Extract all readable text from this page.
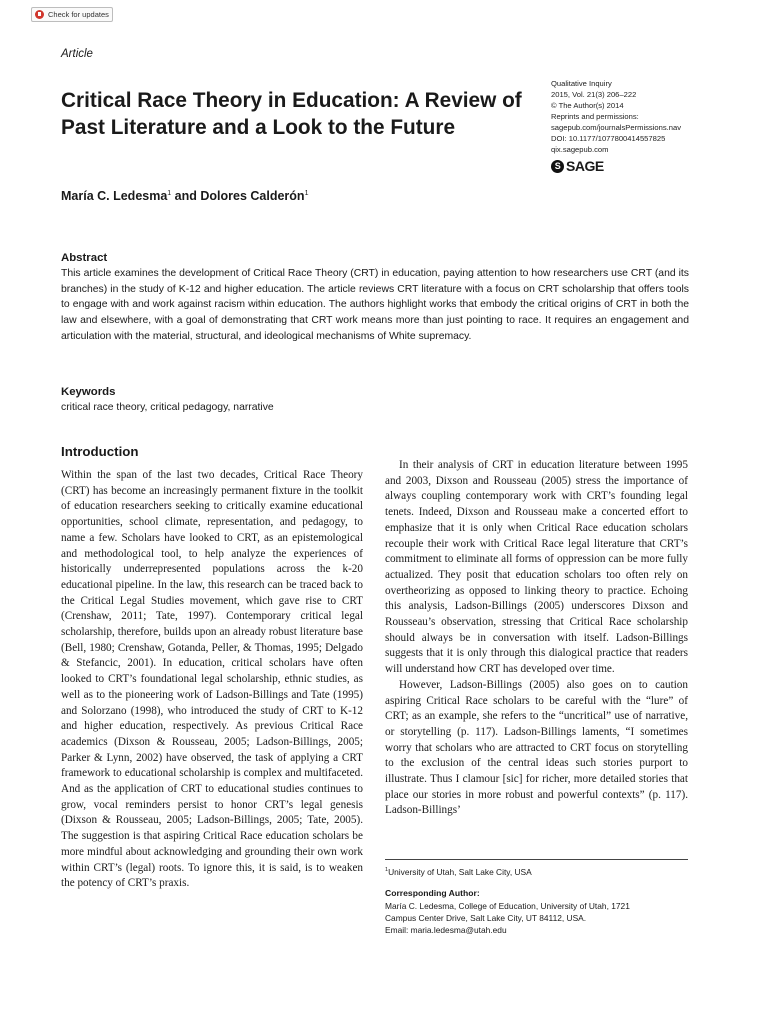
Check for updates
Article
Critical Race Theory in Education: A Review of Past Literature and a Look to the Future
Qualitative Inquiry
2015, Vol. 21(3) 206–222
© The Author(s) 2014
Reprints and permissions:
sagepub.com/journalsPermissions.nav
DOI: 10.1177/1077800414557825
qix.sagepub.com
S SAGE
María C. Ledesma$^1$ and Dolores Calderón$^1$
Abstract

This article examines the development of Critical Race Theory (CRT) in education, paying attention to how researchers use CRT (and its branches) in the study of K-12 and higher education. The article reviews CRT literature with a focus on CRT scholarship that offers tools to engage with and work against racism within education. The authors highlight works that embody the critical origins of CRT in both the law and elsewhere, with a goal of demonstrating that CRT work means more than just pointing to race. It requires an engagement and articulation with the material, structural, and ideological mechanisms of White supremacy.

Keywords
critical race theory, critical pedagogy, narrative
Introduction

Within the span of the last two decades, Critical Race Theory (CRT) has become an increasingly permanent fixture in the toolkit of education researchers seeking to critically examine educational opportunities, school climate, representation, and pedagogy, to name a few. Scholars have looked to CRT, as an epistemological and methodological tool, to help analyze the experiences of historically underrepresented populations across the k-20 educational pipeline. In the law, this research can be traced back to the Critical Legal Studies movement, which gave rise to CRT (Crenshaw, 2011; Tate, 1997). Contemporary critical legal scholarship, therefore, builds upon an already robust literature base (Bell, 1980; Crenshaw, Gotanda, Peller, & Thomas, 1995; Delgado & Stefancic, 2001). In education, critical scholars have often looked to CRT’s foundational legal scholarship, ethnic studies, as well as to the pioneering work of Ladson-Billings and Tate (1995) and Solorzano (1998), who introduced the study of CRT to K-12 and higher education, respectively. As previous Critical Race academics (Dixson & Rousseau, 2005; Ladson-Billings, 2005; Parker & Lynn, 2002) have observed, the task of applying a CRT framework to educational scholarship is complex and multifaceted. And as the application of CRT to educational studies continues to grow, vocal reminders persist to honor CRT’s legal genesis (Dixson & Rousseau, 2005; Ladson-Billings, 2005; Tate, 2005). The suggestion is that aspiring Critical Race education scholars be more mindful about acknowledging and grounding their own work within CRT’s (legal) roots. To ignore this, it is said, is to weaken the potency of CRT’s praxis.

In their analysis of CRT in education literature between 1995 and 2003, Dixson and Rousseau (2005) stress the importance of always coupling contemporary work with CRT’s founding legal tenets. Indeed, Dixson and Rousseau make a concerted effort to emphasize that it is only when Critical Race education scholars recouple their work with Critical Race legal literature that CRT’s commitment to eliminate all forms of oppression can be more fully actualized. They posit that education scholars too often rely on overtheorizing as opposed to linking theory to practice. Echoing this analysis, Ladson-Billings (2005) underscores Dixson and Rousseau’s observation, stressing that Critical Race scholarship should always be in conversation with itself. Ladson-Billings suggests that it is only through this dialogical practice that readers will understand how CRT has developed over time.

However, Ladson-Billings (2005) also goes on to caution aspiring Critical Race scholars to be careful with the “lure” of CRT; as an example, she refers to the “uncritical” use of narrative, or storytelling (p. 117). Ladson-Billings laments, “I sometimes worry that scholars who are attracted to CRT focus on storytelling to the exclusion of the central ideas such stories purport to illustrate. Thus I clamour [sic] for richer, more detailed stories that place our stories in more robust and powerful contexts” (p. 117). Ladson-Billings’

$^1$University of Utah, Salt Lake City, USA
Corresponding Author:
María C. Ledesma, College of Education, University of Utah, 1721
Campus Center Drive, Salt Lake City, UT 84112, USA.
Email: maria.ledesma@utah.edu
